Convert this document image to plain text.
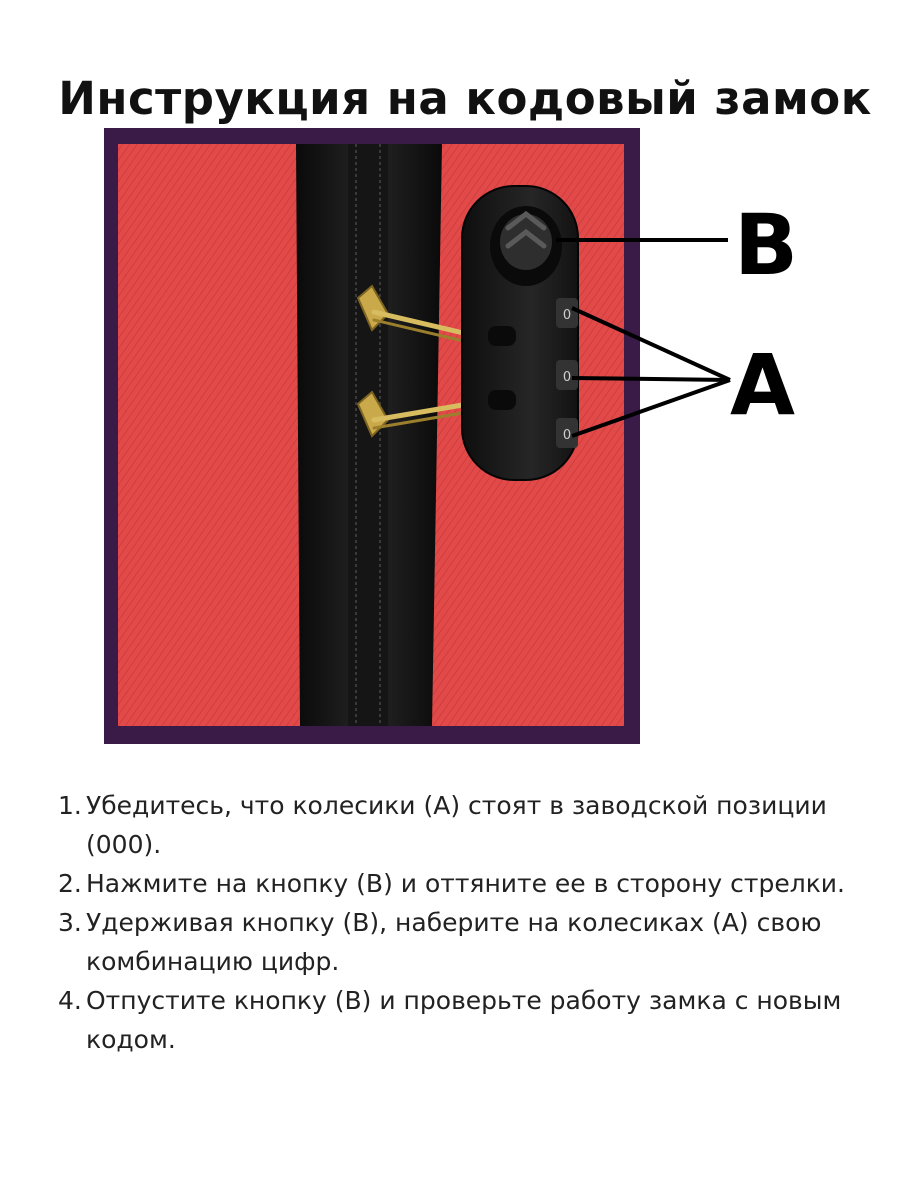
Инструкция на кодовый замок
0
0
0
B
A
1. Убедитесь, что колесики (А) стоят в заводской позиции (000).
2. Нажмите на кнопку (В) и оттяните ее в сторону стрелки.
3. Удерживая кнопку (В), наберите на колесиках (А) свою комбинацию цифр.
4. Отпустите кнопку (В) и проверьте работу замка с новым кодом.
